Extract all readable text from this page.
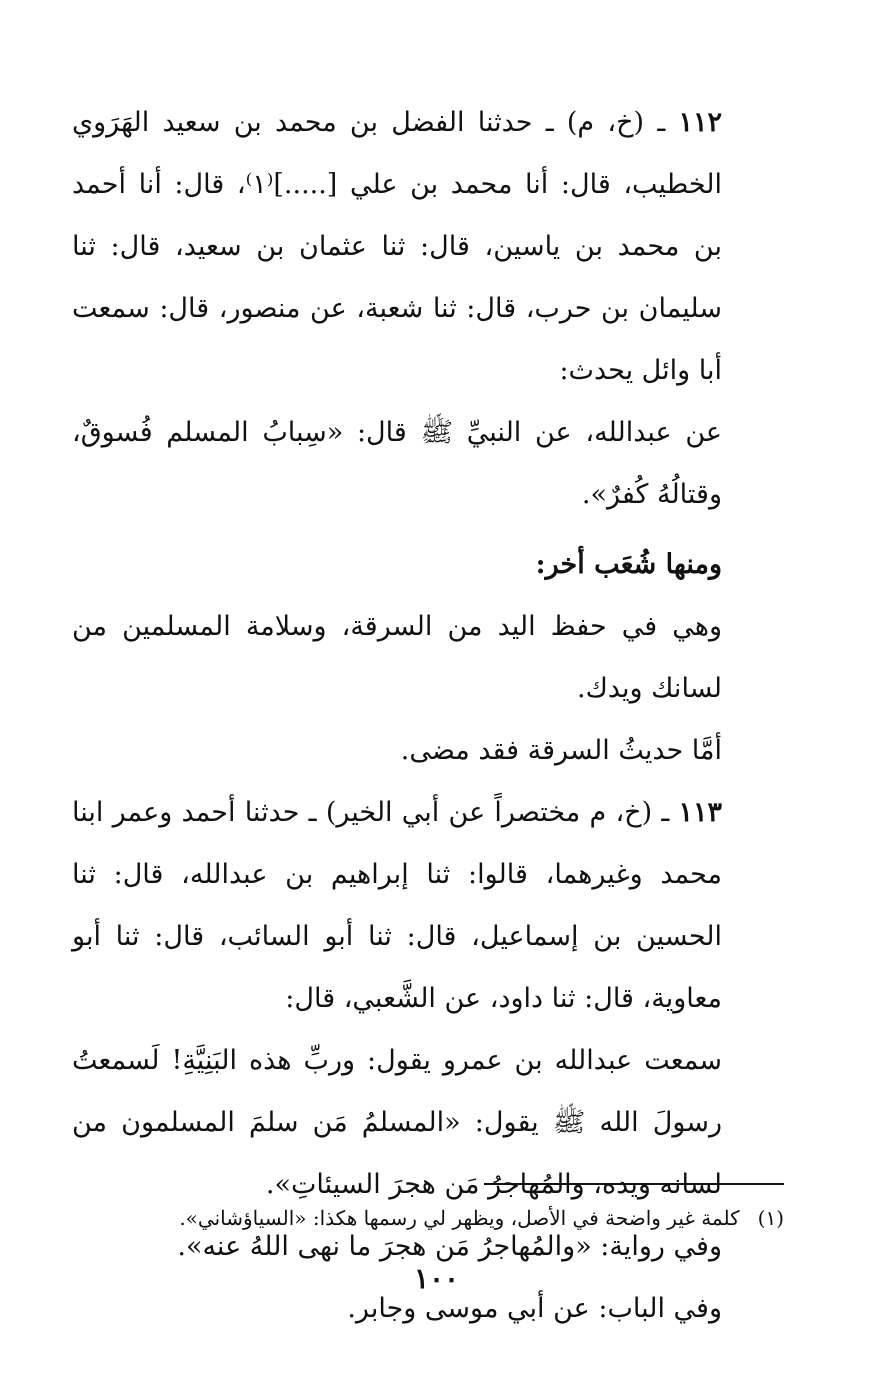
١١٢ ـ (خ، م) ـ حدثنا الفضل بن محمد بن سعيد الهَرَوي الخطيب، قال: أنا محمد بن علي [.....]⁽١⁾، قال: أنا أحمد بن محمد بن ياسين، قال: ثنا عثمان بن سعيد، قال: ثنا سليمان بن حرب، قال: ثنا شعبة، عن منصور، قال: سمعت أبا وائل يحدث:

عن عبدالله، عن النبيِّ ﷺ قال: «سِبابُ المسلم فُسوقٌ، وقتالُهُ كُفرٌ».

ومنها شُعَب أخر:

وهي في حفظ اليد من السرقة، وسلامة المسلمين من لسانك ويدك.

أمَّا حديثُ السرقة فقد مضى.

١١٣ ـ (خ، م مختصراً عن أبي الخير) ـ حدثنا أحمد وعمر ابنا محمد وغيرهما، قالوا: ثنا إبراهيم بن عبدالله، قال: ثنا الحسين بن إسماعيل، قال: ثنا أبو السائب، قال: ثنا أبو معاوية، قال: ثنا داود، عن الشَّعبي، قال:

سمعت عبدالله بن عمرو يقول: وربِّ هذه البَنِيَّةِ! لَسمعتُ رسولَ الله ﷺ يقول: «المسلمُ مَن سلمَ المسلمون من لسانه ويده، والمُهاجرُ مَن هجرَ السيئاتِ».

وفي رواية: «والمُهاجرُ مَن هجرَ ما نهى اللهُ عنه».

وفي الباب: عن أبي موسى وجابر.

(١)كلمة غير واضحة في الأصل، ويظهر لي رسمها هكذا: «السياؤشاني».
١٠٠
